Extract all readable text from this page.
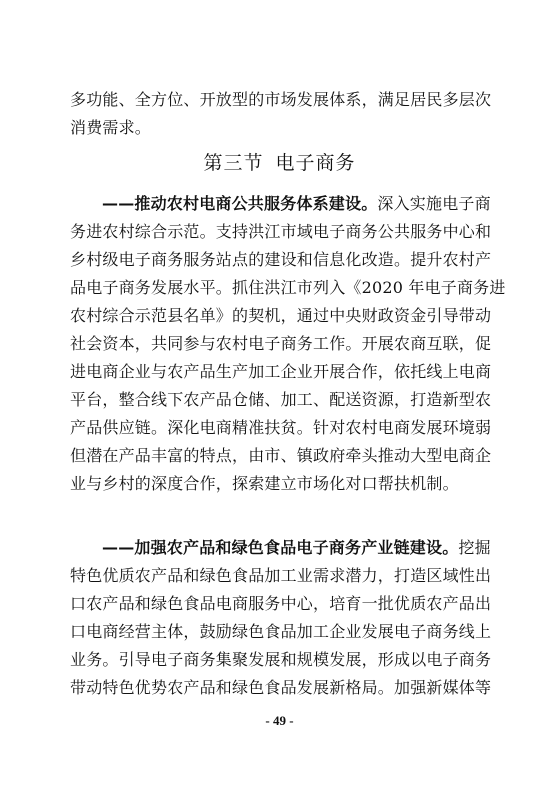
多功能、全方位、开放型的市场发展体系，满足居民多层次
消费需求。
第三节 电子商务
——推动农村电商公共服务体系建设。深入实施电子商
务进农村综合示范。支持洪江市域电子商务公共服务中心和
乡村级电子商务服务站点的建设和信息化改造。提升农村产
品电子商务发展水平。抓住洪江市列入《2020 年电子商务进
农村综合示范县名单》的契机，通过中央财政资金引导带动
社会资本，共同参与农村电子商务工作。开展农商互联，促
进电商企业与农产品生产加工企业开展合作，依托线上电商
平台，整合线下农产品仓储、加工、配送资源，打造新型农
产品供应链。深化电商精准扶贫。针对农村电商发展环境弱
但潜在产品丰富的特点，由市、镇政府牵头推动大型电商企
业与乡村的深度合作，探索建立市场化对口帮扶机制。
——加强农产品和绿色食品电子商务产业链建设。挖掘
特色优质农产品和绿色食品加工业需求潜力，打造区域性出
口农产品和绿色食品电商服务中心，培育一批优质农产品出
口电商经营主体，鼓励绿色食品加工企业发展电子商务线上
业务。引导电子商务集聚发展和规模发展，形成以电子商务
带动特色优势农产品和绿色食品发展新格局。加强新媒体等
- 49 -
